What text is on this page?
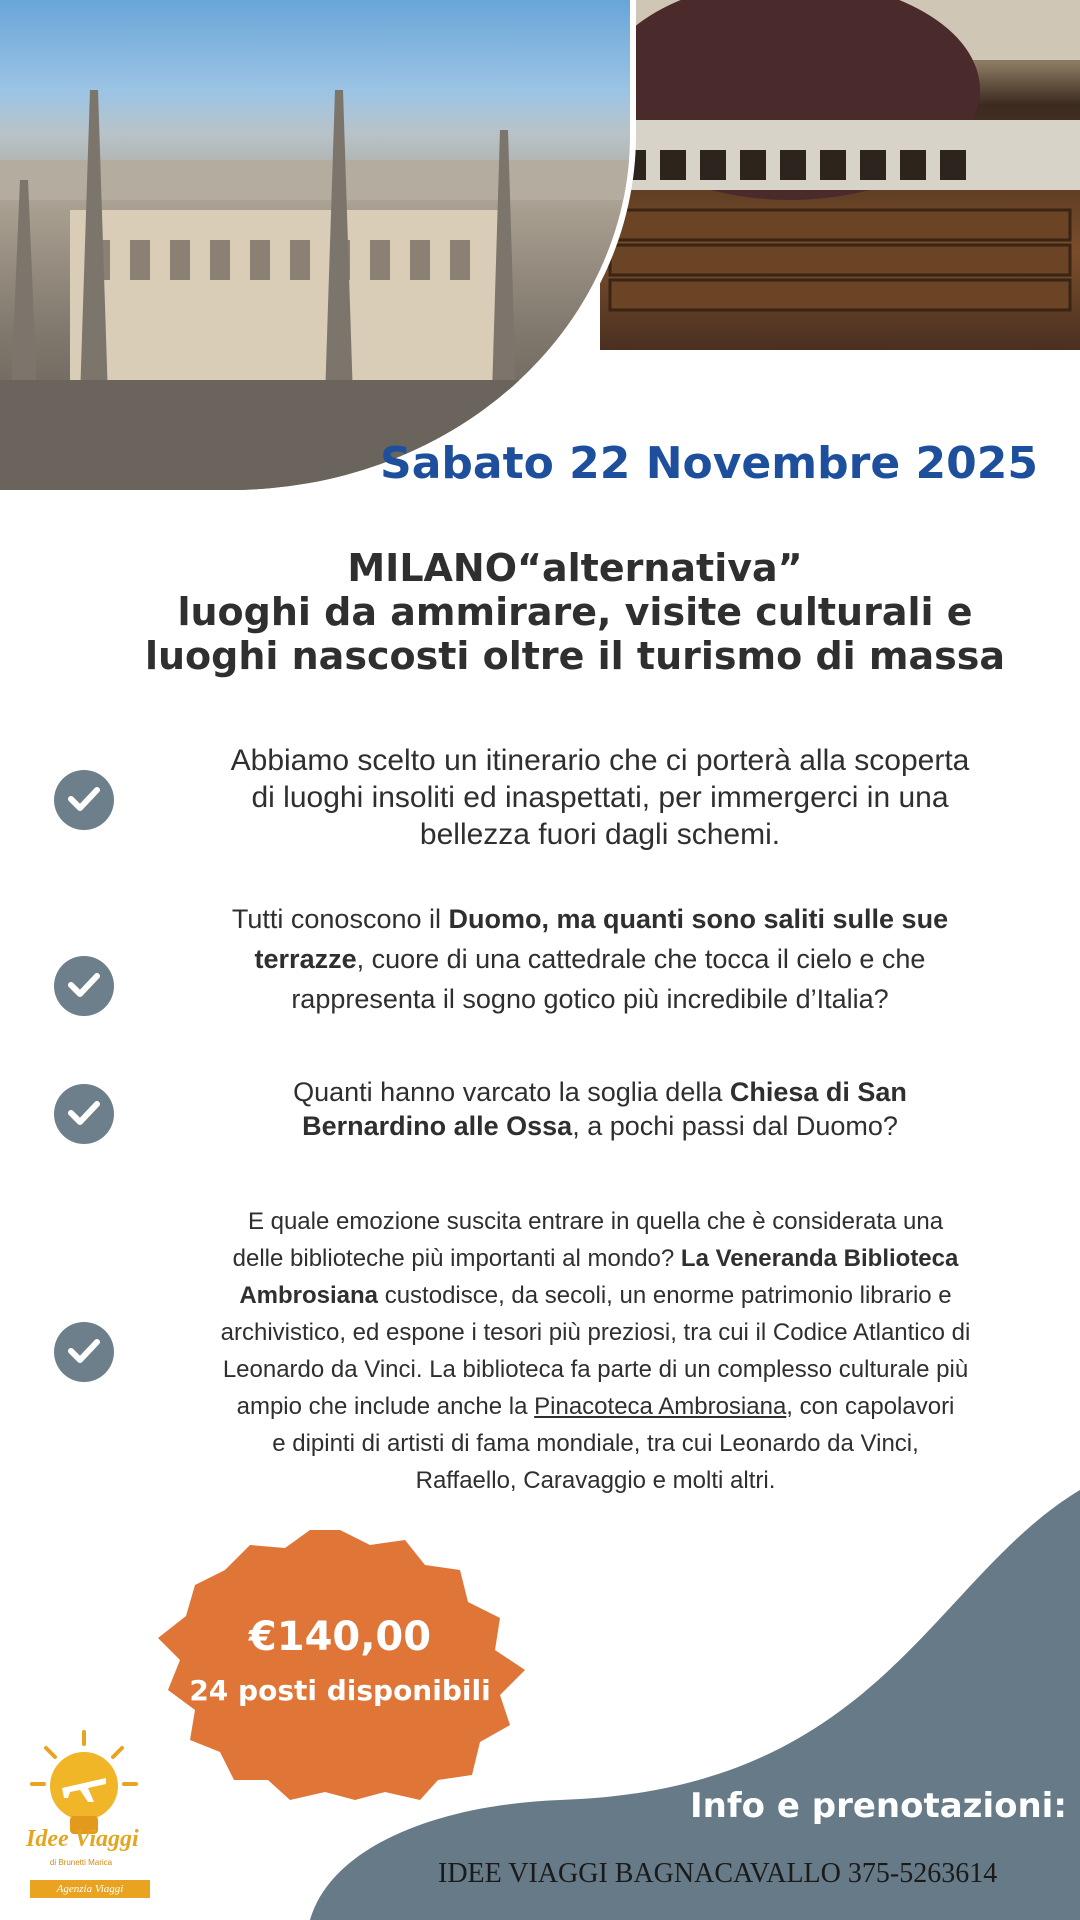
Sabato 22 Novembre 2025
MILANO“alternativa”
luoghi da ammirare, visite culturali e
luoghi nascosti oltre il turismo di massa
Abbiamo scelto un itinerario che ci porterà alla scoperta
di luoghi insoliti ed inaspettati, per immergerci in una
bellezza fuori dagli schemi.
Tutti conoscono il Duomo, ma quanti sono saliti sulle sue
terrazze, cuore di una cattedrale che tocca il cielo e che
rappresenta il sogno gotico più incredibile d’Italia?
Quanti hanno varcato la soglia della Chiesa di San
Bernardino alle Ossa, a pochi passi dal Duomo?
E quale emozione suscita entrare in quella che è considerata una
delle biblioteche più importanti al mondo? La Veneranda Biblioteca
Ambrosiana custodisce, da secoli, un enorme patrimonio librario e
archivistico, ed espone i tesori più preziosi, tra cui il Codice Atlantico di
Leonardo da Vinci. La biblioteca fa parte di un complesso culturale più
ampio che include anche la Pinacoteca Ambrosiana, con capolavori
e dipinti di artisti di fama mondiale, tra cui Leonardo da Vinci,
Raffaello, Caravaggio e molti altri.
€140,00
24 posti disponibili
Info e prenotazioni:
IDEE VIAGGI BAGNACAVALLO 375-5263614
Idee Viaggi
di Brunetti Marica
Agenzia Viaggi
